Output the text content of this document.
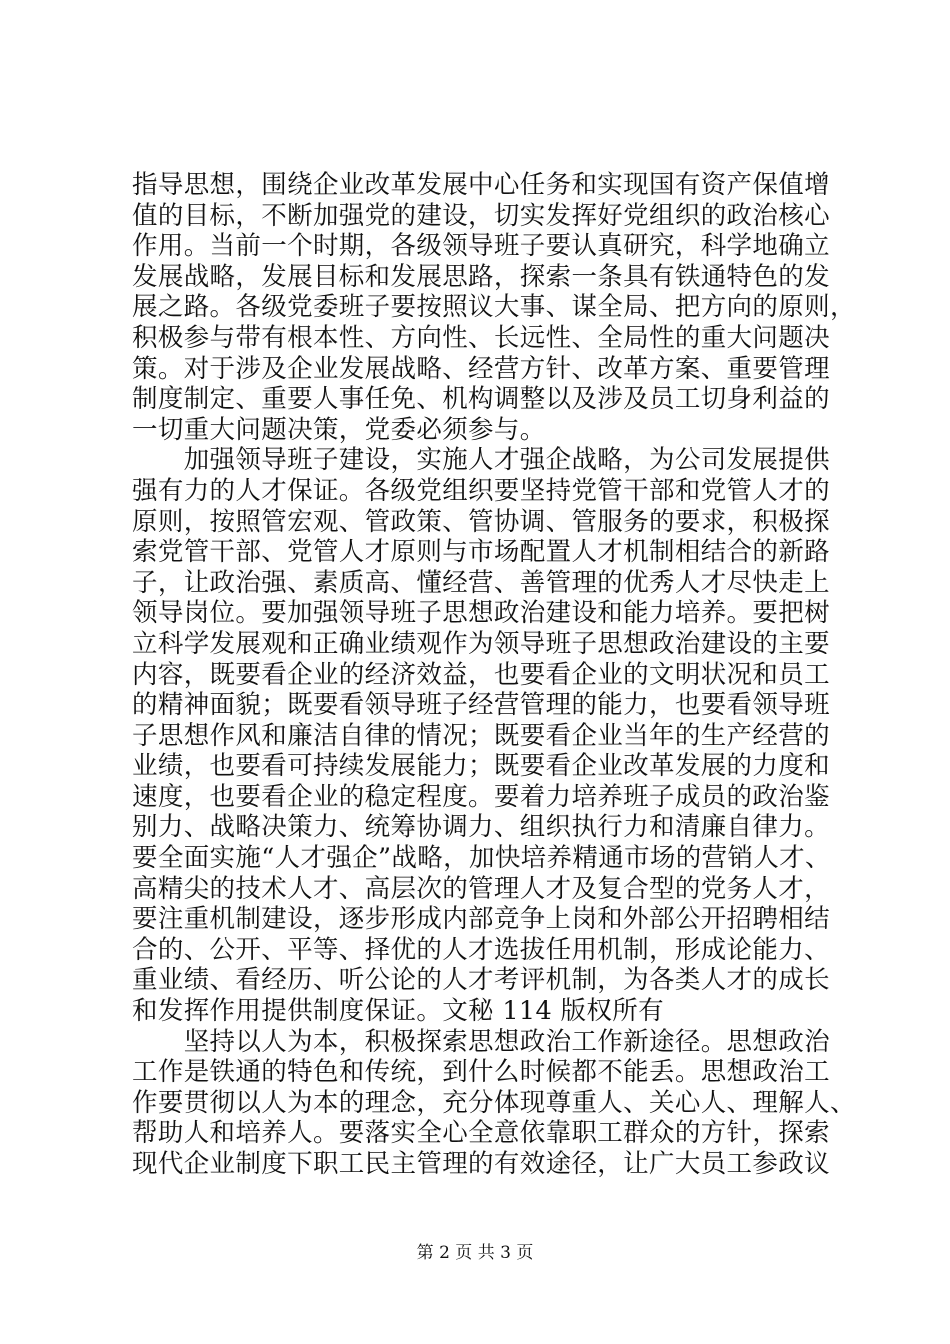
指导思想，围绕企业改革发展中心任务和实现国有资产保值增
值的目标，不断加强党的建设，切实发挥好党组织的政治核心
作用。当前一个时期，各级领导班子要认真研究，科学地确立
发展战略，发展目标和发展思路，探索一条具有铁通特色的发
展之路。各级党委班子要按照议大事、谋全局、把方向的原则，
积极参与带有根本性、方向性、长远性、全局性的重大问题决
策。对于涉及企业发展战略、经营方针、改革方案、重要管理
制度制定、重要人事任免、机构调整以及涉及员工切身利益的
一切重大问题决策，党委必须参与。
　　加强领导班子建设，实施人才强企战略，为公司发展提供
强有力的人才保证。各级党组织要坚持党管干部和党管人才的
原则，按照管宏观、管政策、管协调、管服务的要求，积极探
索党管干部、党管人才原则与市场配置人才机制相结合的新路
子，让政治强、素质高、懂经营、善管理的优秀人才尽快走上
领导岗位。要加强领导班子思想政治建设和能力培养。要把树
立科学发展观和正确业绩观作为领导班子思想政治建设的主要
内容，既要看企业的经济效益，也要看企业的文明状况和员工
的精神面貌；既要看领导班子经营管理的能力，也要看领导班
子思想作风和廉洁自律的情况；既要看企业当年的生产经营的
业绩，也要看可持续发展能力；既要看企业改革发展的力度和
速度，也要看企业的稳定程度。要着力培养班子成员的政治鉴
别力、战略决策力、统筹协调力、组织执行力和清廉自律力。
要全面实施“人才强企”战略，加快培养精通市场的营销人才、
高精尖的技术人才、高层次的管理人才及复合型的党务人才，
要注重机制建设，逐步形成内部竞争上岗和外部公开招聘相结
合的、公开、平等、择优的人才选拔任用机制，形成论能力、
重业绩、看经历、听公论的人才考评机制，为各类人才的成长
和发挥作用提供制度保证。文秘 114 版权所有
　　坚持以人为本，积极探索思想政治工作新途径。思想政治
工作是铁通的特色和传统，到什么时候都不能丢。思想政治工
作要贯彻以人为本的理念，充分体现尊重人、关心人、理解人、
帮助人和培养人。要落实全心全意依靠职工群众的方针，探索
现代企业制度下职工民主管理的有效途径，让广大员工参政议
第 2 页 共 3 页
